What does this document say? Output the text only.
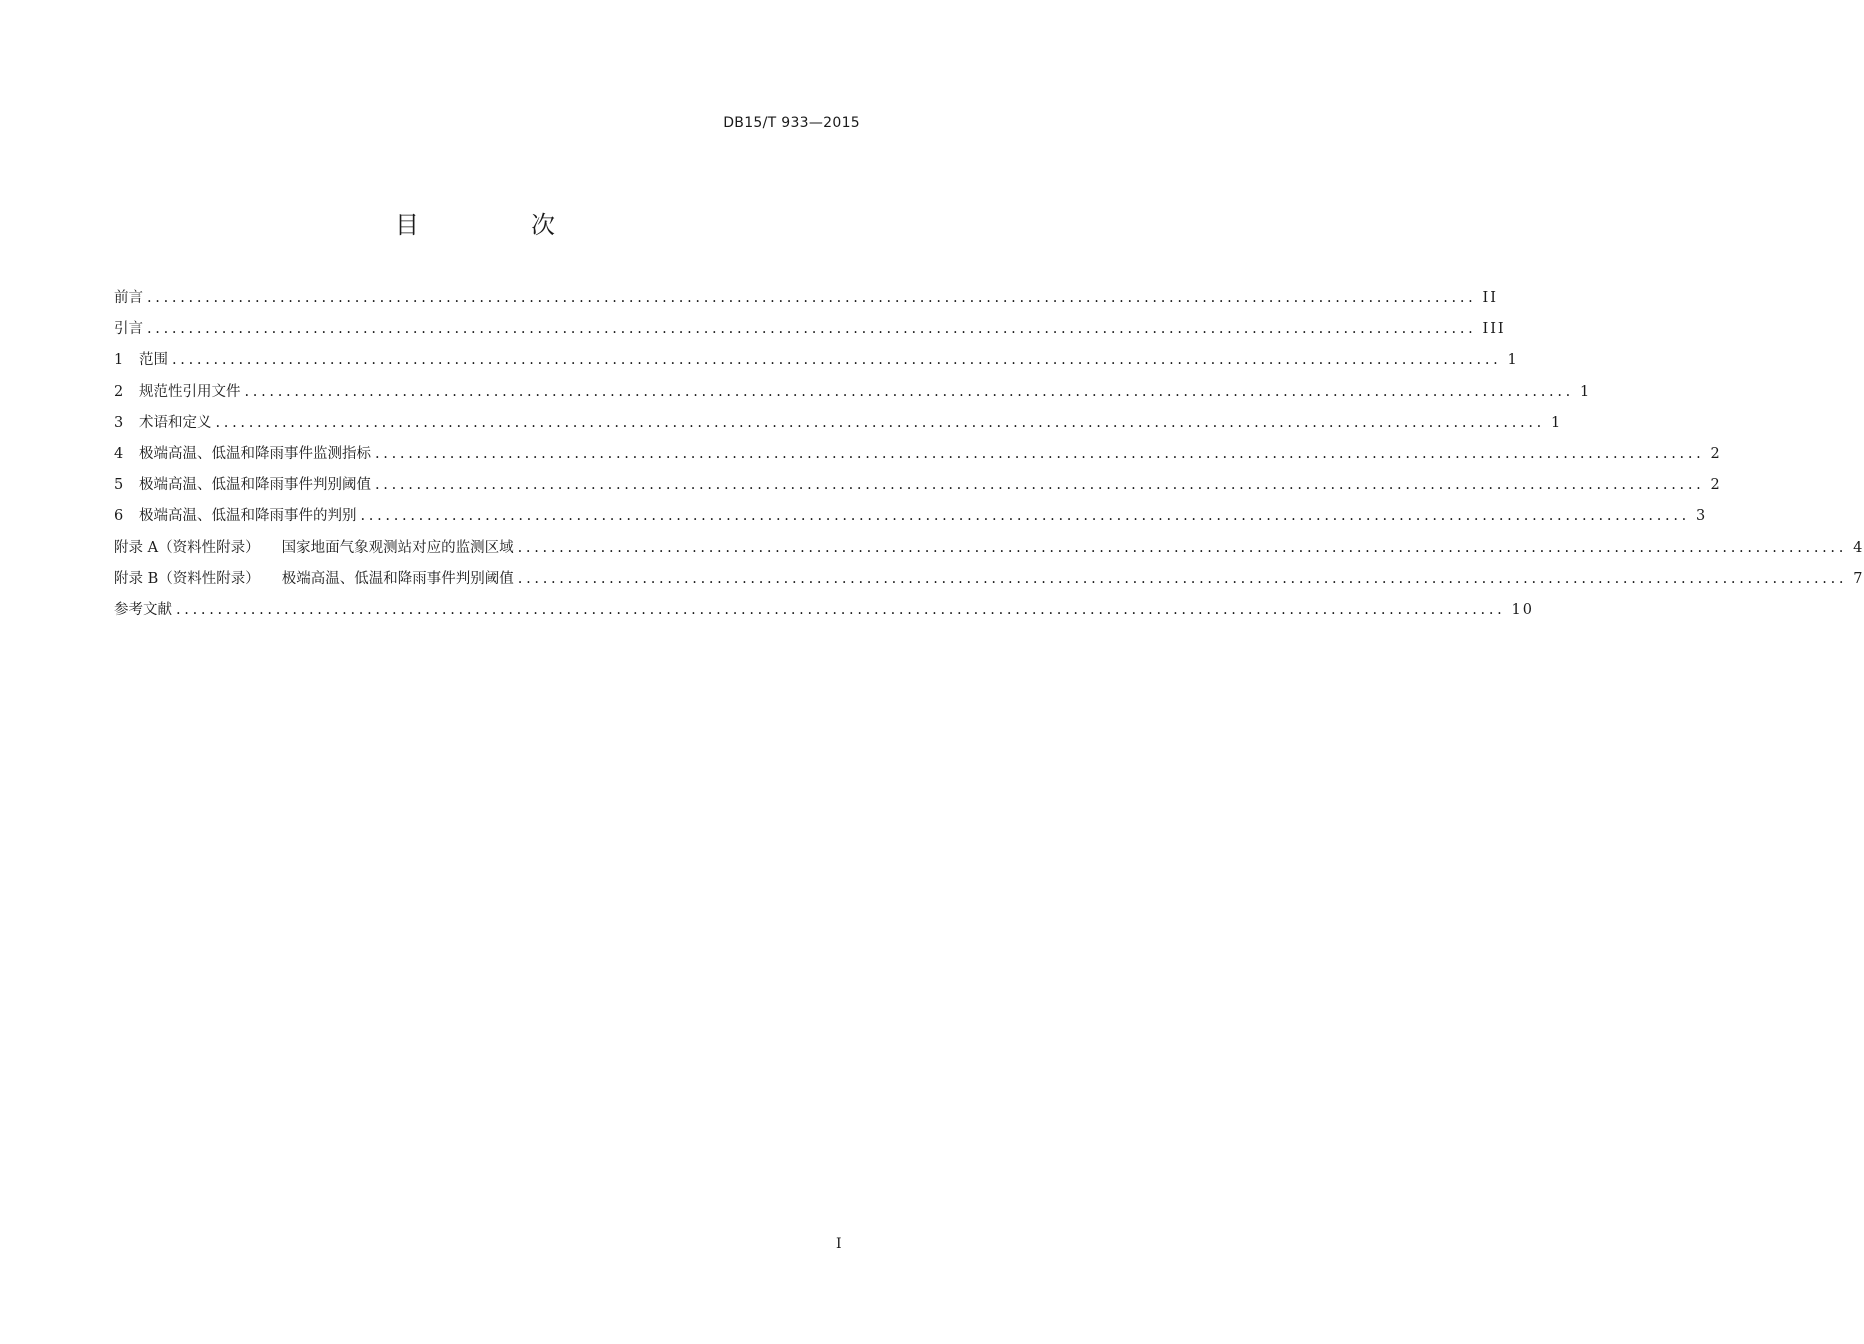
DB15/T 933—2015
目　次
前言 ................................................................................................................................................................ II
引言 ................................................................................................................................................................ III
1 范围 ................................................................................................................................................................ 1
2 规范性引用文件 ................................................................................................................................................................ 1
3 术语和定义 ................................................................................................................................................................ 1
4 极端高温、低温和降雨事件监测指标 ................................................................................................................................................................ 2
5 极端高温、低温和降雨事件判别阈值 ................................................................................................................................................................ 2
6 极端高温、低温和降雨事件的判别 ................................................................................................................................................................ 3
附录 A（资料性附录） 国家地面气象观测站对应的监测区域 ................................................................................................................................................................ 4
附录 B（资料性附录） 极端高温、低温和降雨事件判别阈值 ................................................................................................................................................................ 7
参考文献 ................................................................................................................................................................ 10
I
